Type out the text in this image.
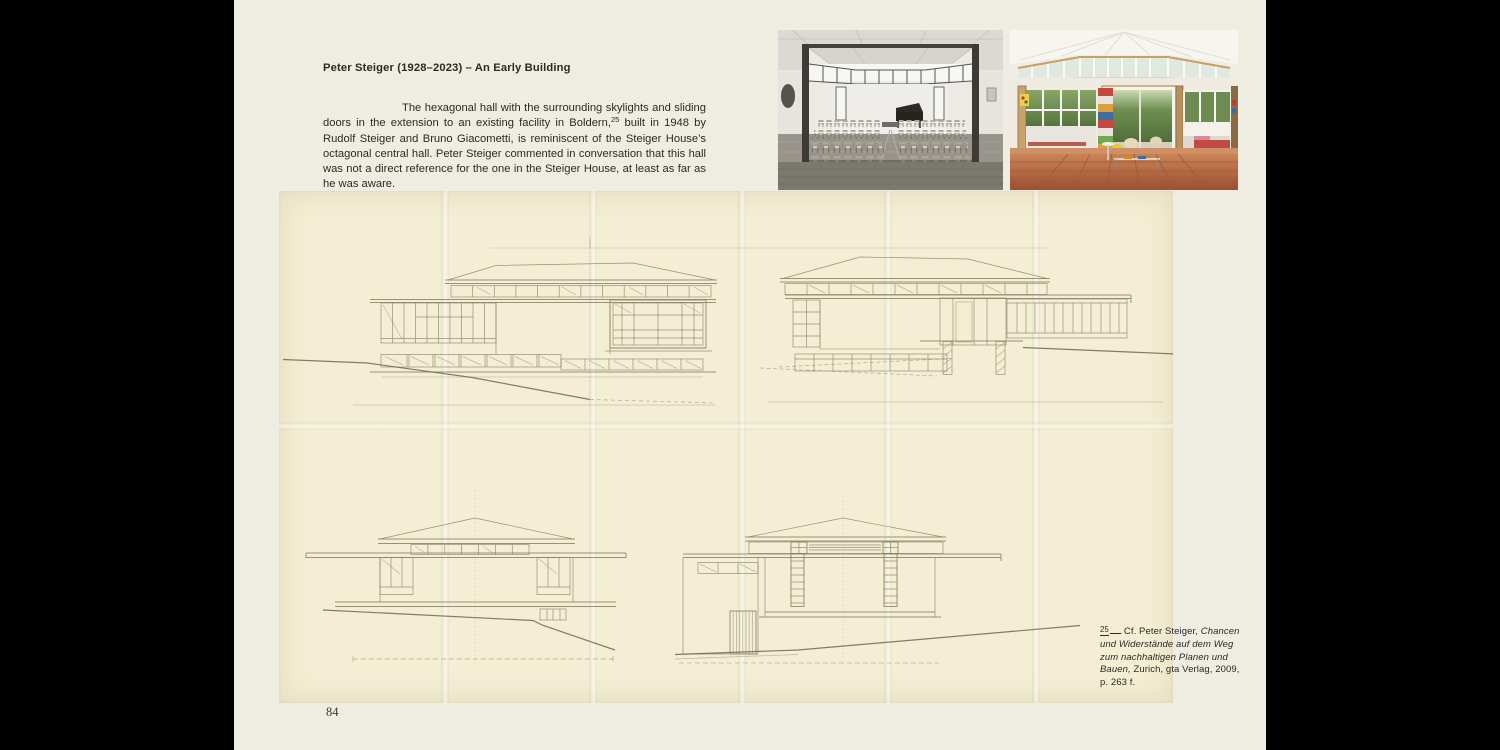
Peter Steiger (1928–2023) – An Early Building

The hexagonal hall with the surrounding skylights and sliding doors in the extension to an existing facility in Boldern,$^{25}$ built in 1948 by Rudolf Steiger and Bruno Giacometti, is reminiscent of the Steiger House’s octagonal central hall. Peter Steiger commented in conversation that this hall was not a direct reference for the one in the Steiger House, at least as far as he was aware.

$^{25}$ Cf. Peter Steiger, Chancen und Widerstände auf dem Weg zum nachhaltigen Planen und Bauen, Zurich, gta Verlag, 2009, p. 263 f.
84
